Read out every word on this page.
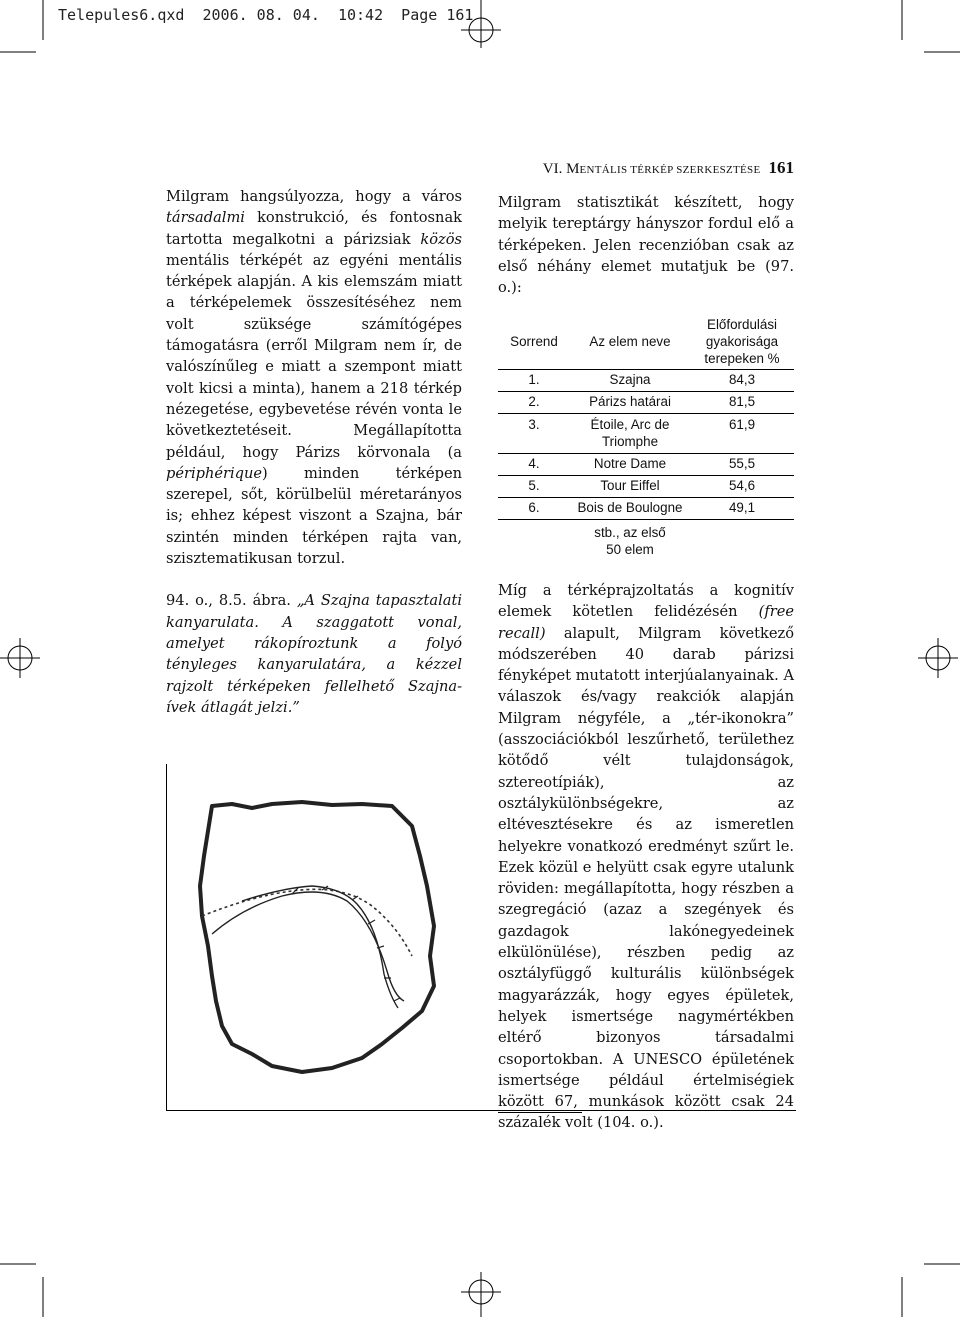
Telepules6.qxd  2006. 08. 04.  10:42  Page 161
VI. MENTÁLIS TÉRKÉP SZERKESZTÉSE 161

Milgram hangsúlyozza, hogy a város társadalmi konstrukció, és fontosnak tartotta megalkotni a párizsiak közös mentális térképét az egyéni mentális térképek alapján. A kis elemszám miatt a térképelemek összesítéséhez nem volt szüksége számítógépes támogatásra (erről Milgram nem ír, de valószínűleg e miatt a szempont miatt volt kicsi a minta), hanem a 218 térkép nézegetése, egybevetése révén vonta le következtetéseit. Megállapította például, hogy Párizs körvonala (a périphérique) minden térképen szerepel, sőt, körülbelül méretarányos is; ehhez képest viszont a Szajna, bár szintén minden térképen rajta van, szisztematikusan torzul.

94. o., 8.5. ábra. „A Szajna tapasztalati kanyarulata. A szaggatott vonal, amelyet rákopíroztunk a folyó tényleges kanyarulatára, a kézzel rajzolt térképeken fellelhető Szajna-ívek átlagát jelzi.”

Milgram statisztikát készített, hogy melyik tereptárgy hányszor fordul elő a térképeken. Jelen recenzióban csak az első néhány elemet mutatjuk be (97. o.):

Sorrend	Az elem neve	Előfordulási gyakorisága terepeken %
1.	Szajna	84,3
2.	Párizs határai	81,5
3.	Étoile, Arc de Triomphe	61,9
4.	Notre Dame	55,5
5.	Tour Eiffel	54,6
6.	Bois de Boulogne	49,1
	stb., az első 50 elem	

Míg a térképrajzoltatás a kognitív elemek kötetlen felidézésén (free recall) alapult, Milgram következő módszerében 40 darab párizsi fényképet mutatott interjúalanyainak. A válaszok és/vagy reakciók alapján Milgram négyféle, a „tér-ikonokra” (asszociációkból leszűrhető, területhez kötődő vélt tulajdonságok, sztereotípiák), az osztálykülönbségekre, az eltévesztésekre és az ismeretlen helyekre vonatkozó eredményt szűrt le. Ezek közül e helyütt csak egyre utalunk röviden: megállapította, hogy részben a szegregáció (azaz a szegények és gazdagok lakónegyedeinek elkülönülése), részben pedig az osztályfüggő kulturális különbségek magyarázzák, hogy egyes épületek, helyek ismertsége nagymértékben eltérő bizonyos társadalmi csoportokban. A UNESCO épületének ismertsége például értelmiségiek között 67, munkások között csak 24 százalék volt (104. o.).
